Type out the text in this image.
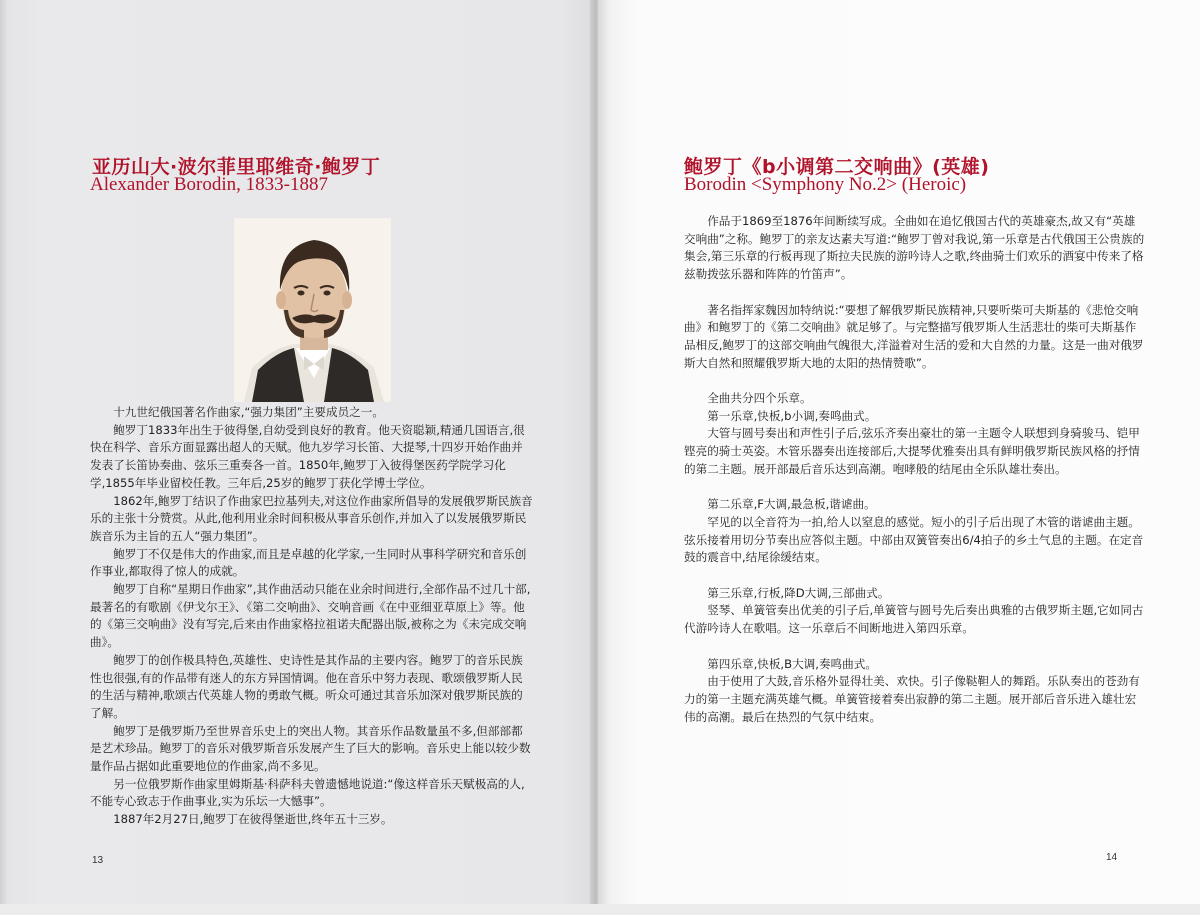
亚历山大·波尔菲里耶维奇·鲍罗丁
Alexander Borodin, 1833-1887

十九世纪俄国著名作曲家,“强力集团”主要成员之一。

鲍罗丁1833年出生于彼得堡,自幼受到良好的教育。他天资聪颖,精通几国语言,很快在科学、音乐方面显露出超人的天赋。他九岁学习长笛、大提琴,十四岁开始作曲并发表了长笛协奏曲、弦乐三重奏各一首。1850年,鲍罗丁入彼得堡医药学院学习化学,1855年毕业留校任教。三年后,25岁的鲍罗丁获化学博士学位。

1862年,鲍罗丁结识了作曲家巴拉基列夫,对这位作曲家所倡导的发展俄罗斯民族音乐的主张十分赞赏。从此,他利用业余时间积极从事音乐创作,并加入了以发展俄罗斯民族音乐为主旨的五人“强力集团”。

鲍罗丁不仅是伟大的作曲家,而且是卓越的化学家,一生同时从事科学研究和音乐创作事业,都取得了惊人的成就。

鲍罗丁自称“星期日作曲家”,其作曲活动只能在业余时间进行,全部作品不过几十部,最著名的有歌剧《伊戈尔王》、《第二交响曲》、交响音画《在中亚细亚草原上》等。他的《第三交响曲》没有写完,后来由作曲家格拉祖诺夫配器出版,被称之为《未完成交响曲》。

鲍罗丁的创作极具特色,英雄性、史诗性是其作品的主要内容。鲍罗丁的音乐民族性也很强,有的作品带有迷人的东方异国情调。他在音乐中努力表现、歌颂俄罗斯人民的生活与精神,歌颂古代英雄人物的勇敢气概。听众可通过其音乐加深对俄罗斯民族的了解。

鲍罗丁是俄罗斯乃至世界音乐史上的突出人物。其音乐作品数量虽不多,但部部都是艺术珍品。鲍罗丁的音乐对俄罗斯音乐发展产生了巨大的影响。音乐史上能以较少数量作品占据如此重要地位的作曲家,尚不多见。

另一位俄罗斯作曲家里姆斯基·科萨科夫曾遗憾地说道:“像这样音乐天赋极高的人,不能专心致志于作曲事业,实为乐坛一大憾事”。

1887年2月27日,鲍罗丁在彼得堡逝世,终年五十三岁。

13
鲍罗丁《b小调第二交响曲》(英雄)
Borodin <Symphony No.2> (Heroic)

作品于1869至1876年间断续写成。全曲如在追忆俄国古代的英雄豪杰,故又有“英雄交响曲”之称。鲍罗丁的亲友达素夫写道:“鲍罗丁曾对我说,第一乐章是古代俄国王公贵族的集会,第三乐章的行板再现了斯拉夫民族的游吟诗人之歌,终曲骑士们欢乐的酒宴中传来了格兹勒拨弦乐器和阵阵的竹笛声”。

著名指挥家魏因加特纳说:“要想了解俄罗斯民族精神,只要听柴可夫斯基的《悲怆交响曲》和鲍罗丁的《第二交响曲》就足够了。与完整描写俄罗斯人生活悲壮的柴可夫斯基作品相反,鲍罗丁的这部交响曲气魄很大,洋溢着对生活的爱和大自然的力量。这是一曲对俄罗斯大自然和照耀俄罗斯大地的太阳的热情赞歌”。

全曲共分四个乐章。

第一乐章,快板,b小调,奏鸣曲式。

大管与圆号奏出和声性引子后,弦乐齐奏出豪壮的第一主题令人联想到身骑骏马、铠甲铿亮的骑士英姿。木管乐器奏出连接部后,大提琴优雅奏出具有鲜明俄罗斯民族风格的抒情的第二主题。展开部最后音乐达到高潮。咆哮般的结尾由全乐队雄壮奏出。

第二乐章,F大调,最急板,谐谑曲。

罕见的以全音符为一拍,给人以窒息的感觉。短小的引子后出现了木管的谐谑曲主题。弦乐接着用切分节奏出应答似主题。中部由双簧管奏出6/4拍子的乡土气息的主题。在定音鼓的震音中,结尾徐缓结束。

第三乐章,行板,降D大调,三部曲式。

竖琴、单簧管奏出优美的引子后,单簧管与圆号先后奏出典雅的古俄罗斯主题,它如同古代游吟诗人在歌唱。这一乐章后不间断地进入第四乐章。

第四乐章,快板,B大调,奏鸣曲式。

由于使用了大鼓,音乐格外显得壮美、欢快。引子像鞑靼人的舞蹈。乐队奏出的苍劲有力的第一主题充满英雄气概。单簧管接着奏出寂静的第二主题。展开部后音乐进入雄壮宏伟的高潮。最后在热烈的气氛中结束。

14
